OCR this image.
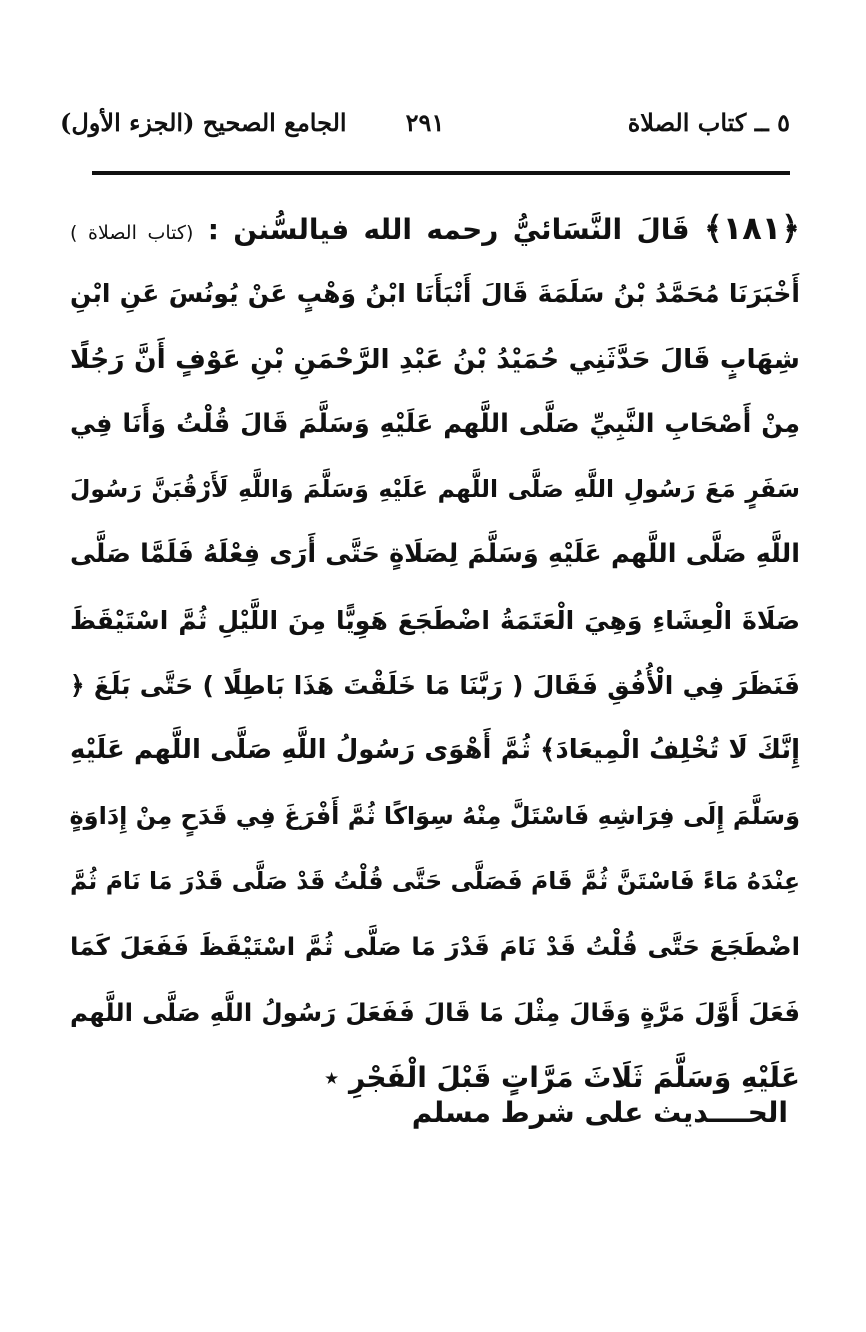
٥ ــ كتاب الصلاة
٢٩١
الجامع الصحيح (الجزء الأول)
﴿١٨١﴾ قَالَ النَّسَائيُّ رحمه الله فيالسُّنن : (كتاب الصلاة )
أَخْبَرَنَا مُحَمَّدُ بْنُ سَلَمَةَ قَالَ أَنْبَأَنَا ابْنُ وَهْبٍ عَنْ يُونُسَ عَنِ ابْنِ
شِهَابٍ قَالَ حَدَّثَنِي حُمَيْدُ بْنُ عَبْدِ الرَّحْمَنِ بْنِ عَوْفٍ أَنَّ رَجُلًا
مِنْ أَصْحَابِ النَّبِيِّ صَلَّى اللَّهم عَلَيْهِ وَسَلَّمَ قَالَ قُلْتُ وَأَنَا فِي
سَفَرٍ مَعَ رَسُولِ اللَّهِ صَلَّى اللَّهم عَلَيْهِ وَسَلَّمَ وَاللَّهِ لَأَرْقُبَنَّ رَسُولَ
اللَّهِ صَلَّى اللَّهم عَلَيْهِ وَسَلَّمَ لِصَلَاةٍ حَتَّى أَرَى فِعْلَهُ فَلَمَّا صَلَّى
صَلَاةَ الْعِشَاءِ وَهِيَ الْعَتَمَةُ اضْطَجَعَ هَوِيًّا مِنَ اللَّيْلِ ثُمَّ اسْتَيْقَظَ
فَنَظَرَ فِي الْأُفُقِ فَقَالَ ( رَبَّنَا مَا خَلَقْتَ هَذَا بَاطِلًا ) حَتَّى بَلَغَ ﴿
إِنَّكَ لَا تُخْلِفُ الْمِيعَادَ﴾ ثُمَّ أَهْوَى رَسُولُ اللَّهِ صَلَّى اللَّهم عَلَيْهِ
وَسَلَّمَ إِلَى فِرَاشِهِ فَاسْتَلَّ مِنْهُ سِوَاكًا ثُمَّ أَفْرَغَ فِي قَدَحٍ مِنْ إِدَاوَةٍ
عِنْدَهُ مَاءً فَاسْتَنَّ ثُمَّ قَامَ فَصَلَّى حَتَّى قُلْتُ قَدْ صَلَّى قَدْرَ مَا نَامَ ثُمَّ
اضْطَجَعَ حَتَّى قُلْتُ قَدْ نَامَ قَدْرَ مَا صَلَّى ثُمَّ اسْتَيْقَظَ فَفَعَلَ كَمَا
فَعَلَ أَوَّلَ مَرَّةٍ وَقَالَ مِثْلَ مَا قَالَ فَفَعَلَ رَسُولُ اللَّهِ صَلَّى اللَّهم
عَلَيْهِ وَسَلَّمَ ثَلَاثَ مَرَّاتٍ قَبْلَ الْفَجْرِ ٭
الحــــديث على شرط مسلم
